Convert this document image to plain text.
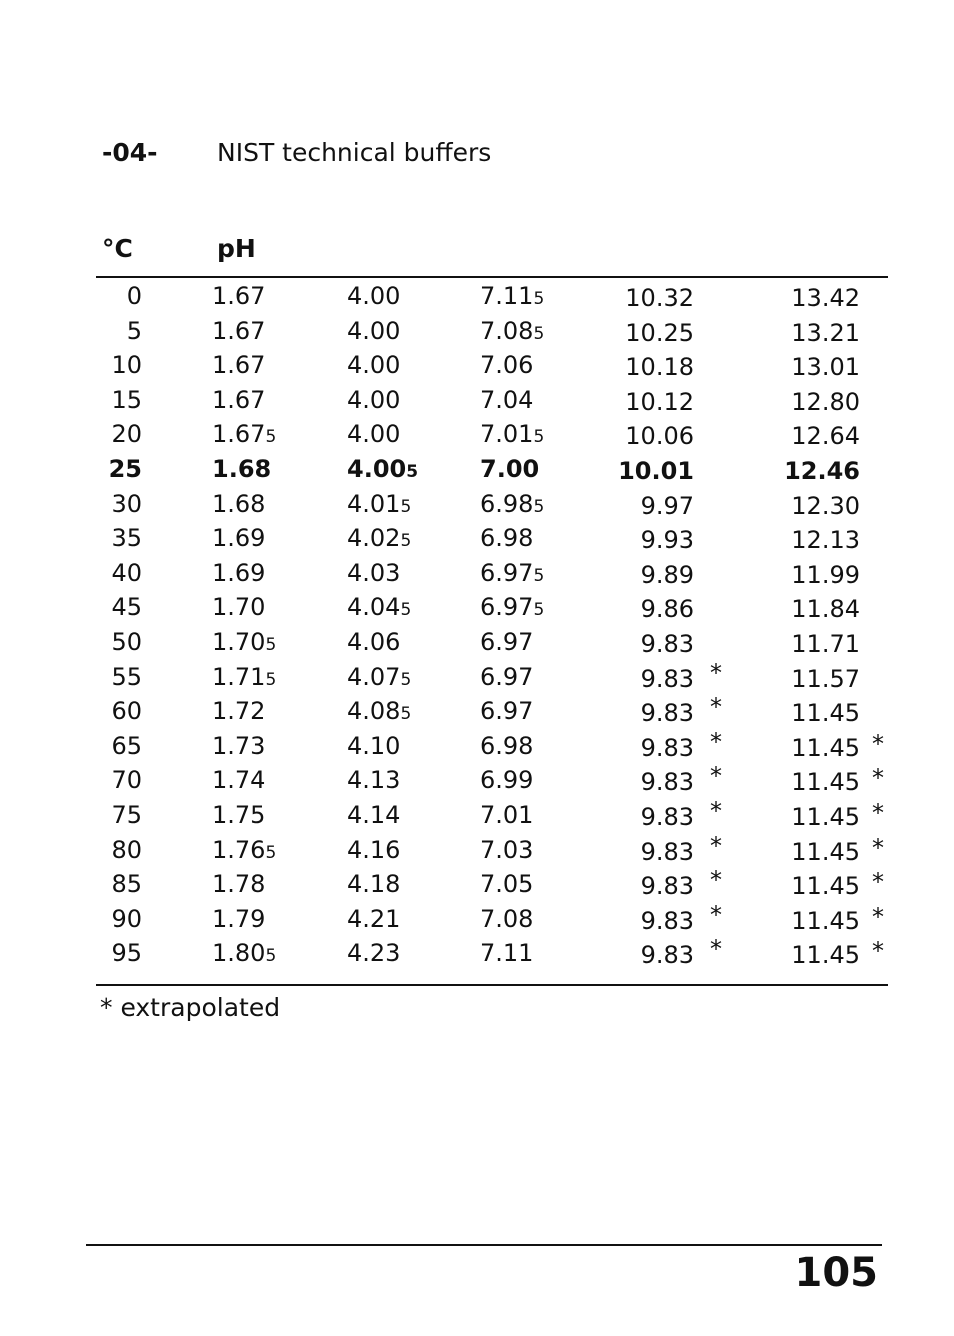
-04- NIST technical buffers
°C	pH
0	1.67	4.00	7.115	10.32	13.42
5	1.67	4.00	7.085	10.25	13.21
10	1.67	4.00	7.06	10.18	13.01
15	1.67	4.00	7.04	10.12	12.80
20	1.675	4.00	7.015	10.06	12.64
25	1.68	4.005	7.00	10.01	12.46
30	1.68	4.015	6.985	9.97	12.30
35	1.69	4.025	6.98	9.93	12.13
40	1.69	4.03	6.975	9.89	11.99
45	1.70	4.045	6.975	9.86	11.84
50	1.705	4.06	6.97	9.83	11.71
55	1.715	4.075	6.97	9.83 *	11.57
60	1.72	4.085	6.97	9.83 *	11.45
65	1.73	4.10	6.98	9.83 *	11.45 *
70	1.74	4.13	6.99	9.83 *	11.45 *
75	1.75	4.14	7.01	9.83 *	11.45 *
80	1.765	4.16	7.03	9.83 *	11.45 *
85	1.78	4.18	7.05	9.83 *	11.45 *
90	1.79	4.21	7.08	9.83 *	11.45 *
95	1.805	4.23	7.11	9.83 *	11.45 *
* extrapolated
105
